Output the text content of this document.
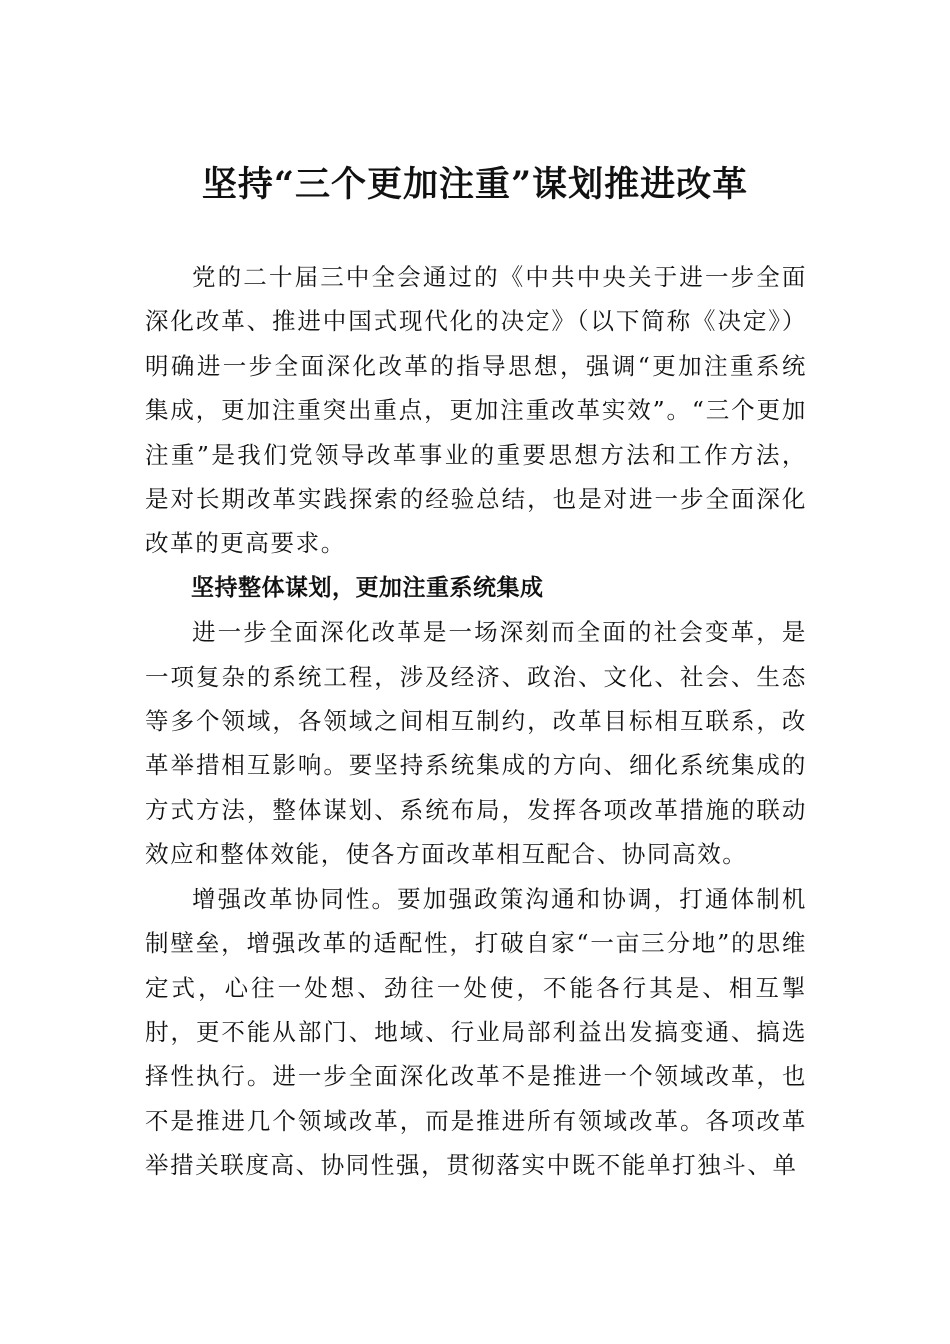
坚持“三个更加注重”谋划推进改革

党的二十届三中全会通过的《中共中央关于进一步全面深化改革、推进中国式现代化的决定》（以下简称《决定》）明确进一步全面深化改革的指导思想，强调“更加注重系统集成，更加注重突出重点，更加注重改革实效”。“三个更加注重”是我们党领导改革事业的重要思想方法和工作方法，是对长期改革实践探索的经验总结，也是对进一步全面深化改革的更高要求。

坚持整体谋划，更加注重系统集成

进一步全面深化改革是一场深刻而全面的社会变革，是一项复杂的系统工程，涉及经济、政治、文化、社会、生态等多个领域，各领域之间相互制约，改革目标相互联系，改革举措相互影响。要坚持系统集成的方向、细化系统集成的方式方法，整体谋划、系统布局，发挥各项改革措施的联动效应和整体效能，使各方面改革相互配合、协同高效。

增强改革协同性。要加强政策沟通和协调，打通体制机制壁垒，增强改革的适配性，打破自家“一亩三分地”的思维定式，心往一处想、劲往一处使，不能各行其是、相互掣肘，更不能从部门、地域、行业局部利益出发搞变通、搞选择性执行。进一步全面深化改革不是推进一个领域改革，也不是推进几个领域改革，而是推进所有领域改革。各项改革举措关联度高、协同性强，贯彻落实中既不能单打独斗、单
